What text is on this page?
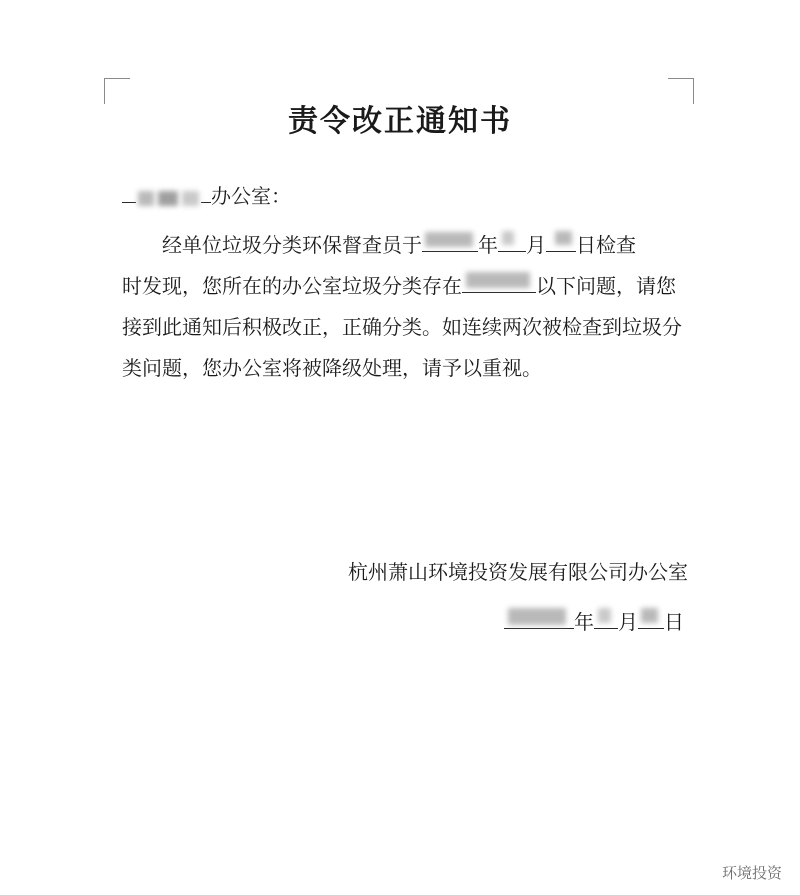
责令改正通知书
办公室：
经单位垃圾分类环保督查员于	年 月 日检查
时发现，您所在的办公室垃圾分类存在	以下问题，请您
接到此通知后积极改正，正确分类。如连续两次被检查到垃圾分
类问题，您办公室将被降级处理，请予以重视。
杭州萧山环境投资发展有限公司办公室
年 月 日
环境投资
